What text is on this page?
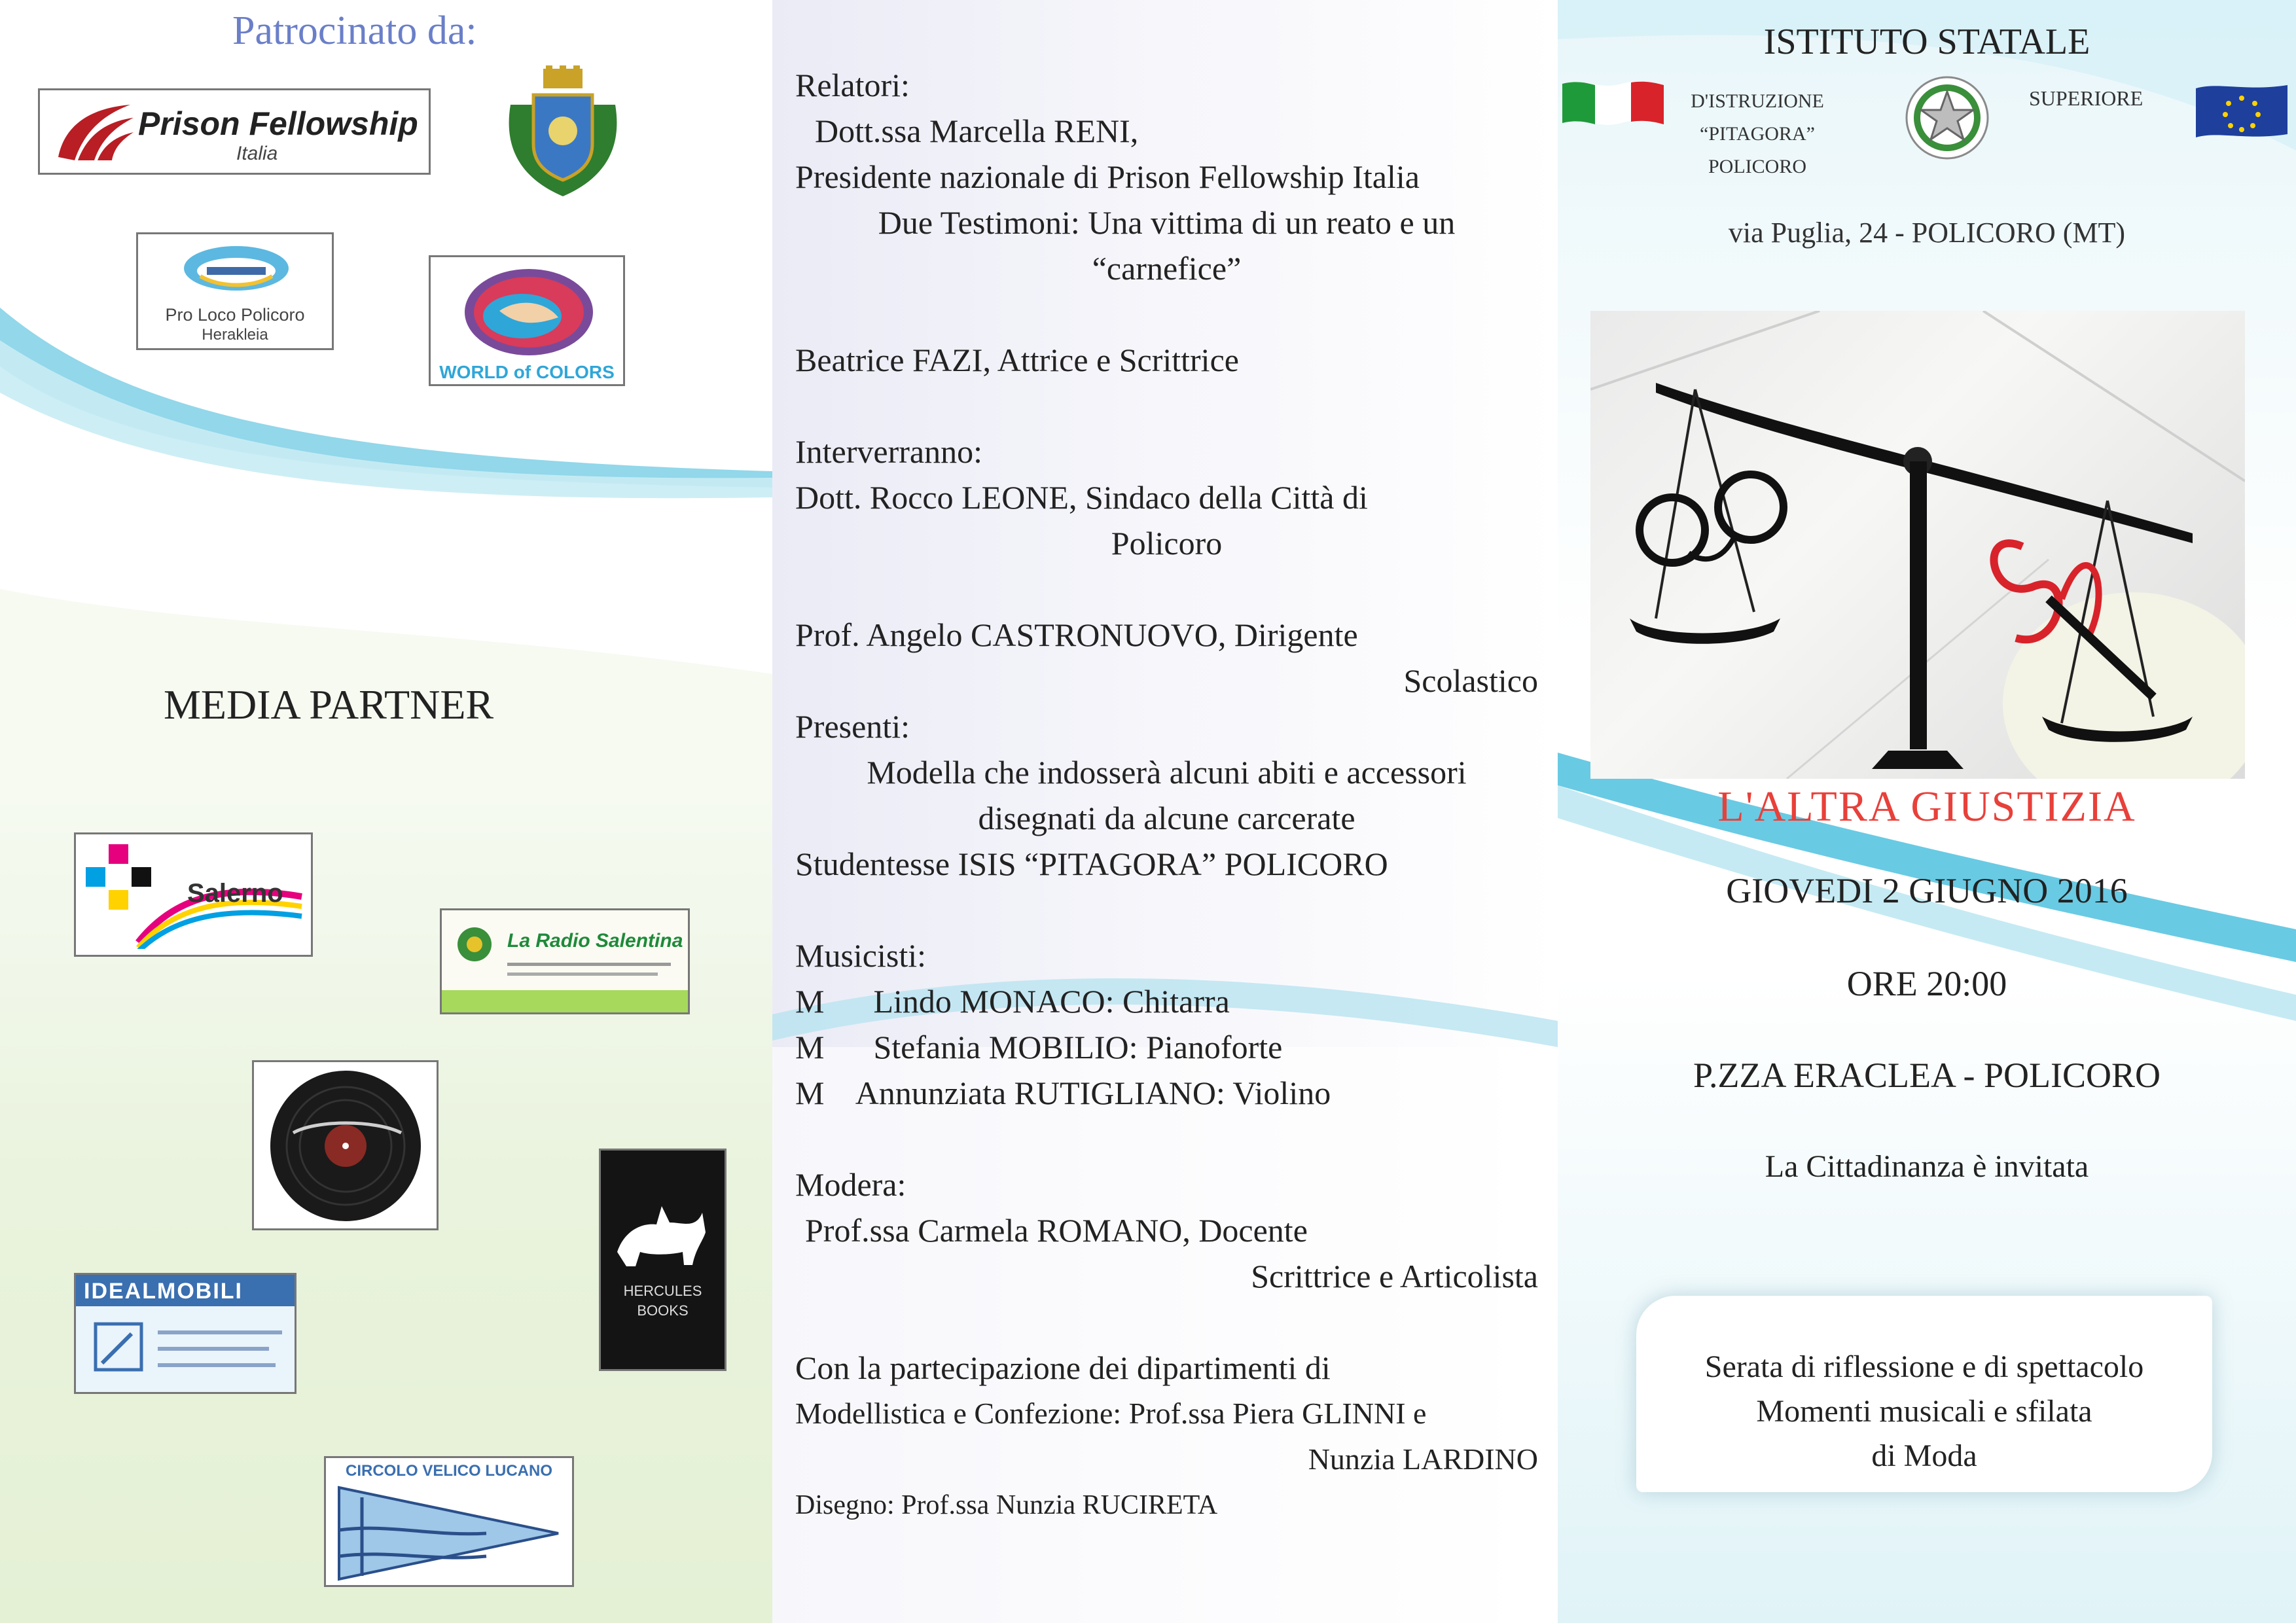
Patrocinato da:
Prison Fellowship
Italia
Pro Loco Policoro
Herakleia
WORLD of COLORS
MEDIA PARTNER
Salerno
La Radio Salentina
HERCULES BOOKS
IDEALMOBILI
CIRCOLO VELICO LUCANO
Relatori:
Dott.ssa Marcella RENI,
Presidente nazionale di Prison Fellowship Italia
Due Testimoni: Una vittima di un reato e un
“carnefice”
Beatrice FAZI, Attrice e Scrittrice
Interverranno:
Dott. Rocco LEONE, Sindaco della Città di
Policoro
Prof. Angelo CASTRONUOVO, Dirigente
Scolastico
Presenti:
Modella che indosserà alcuni abiti e accessori
disegnati da alcune carcerate
Studentesse ISIS “PITAGORA” POLICORO
Musicisti:
M      Lindo MONACO: Chitarra
M      Stefania MOBILIO: Pianoforte
M    Annunziata RUTIGLIANO: Violino
Modera:
Prof.ssa Carmela ROMANO, Docente
Scrittrice e Articolista
Con la partecipazione dei dipartimenti di
Modellistica e Confezione: Prof.ssa Piera GLINNI e
Nunzia LARDINO
Disegno: Prof.ssa Nunzia RUCIRETA
ISTITUTO STATALE
D'ISTRUZIONE
“PITAGORA”
POLICORO
SUPERIORE
via Puglia, 24 - POLICORO (MT)
L'ALTRA GIUSTIZIA
GIOVEDI 2 GIUGNO 2016
ORE 20:00
P.ZZA ERACLEA - POLICORO
La Cittadinanza è invitata
Serata di riflessione e di spettacolo
Momenti musicali e sfilata
di Moda
